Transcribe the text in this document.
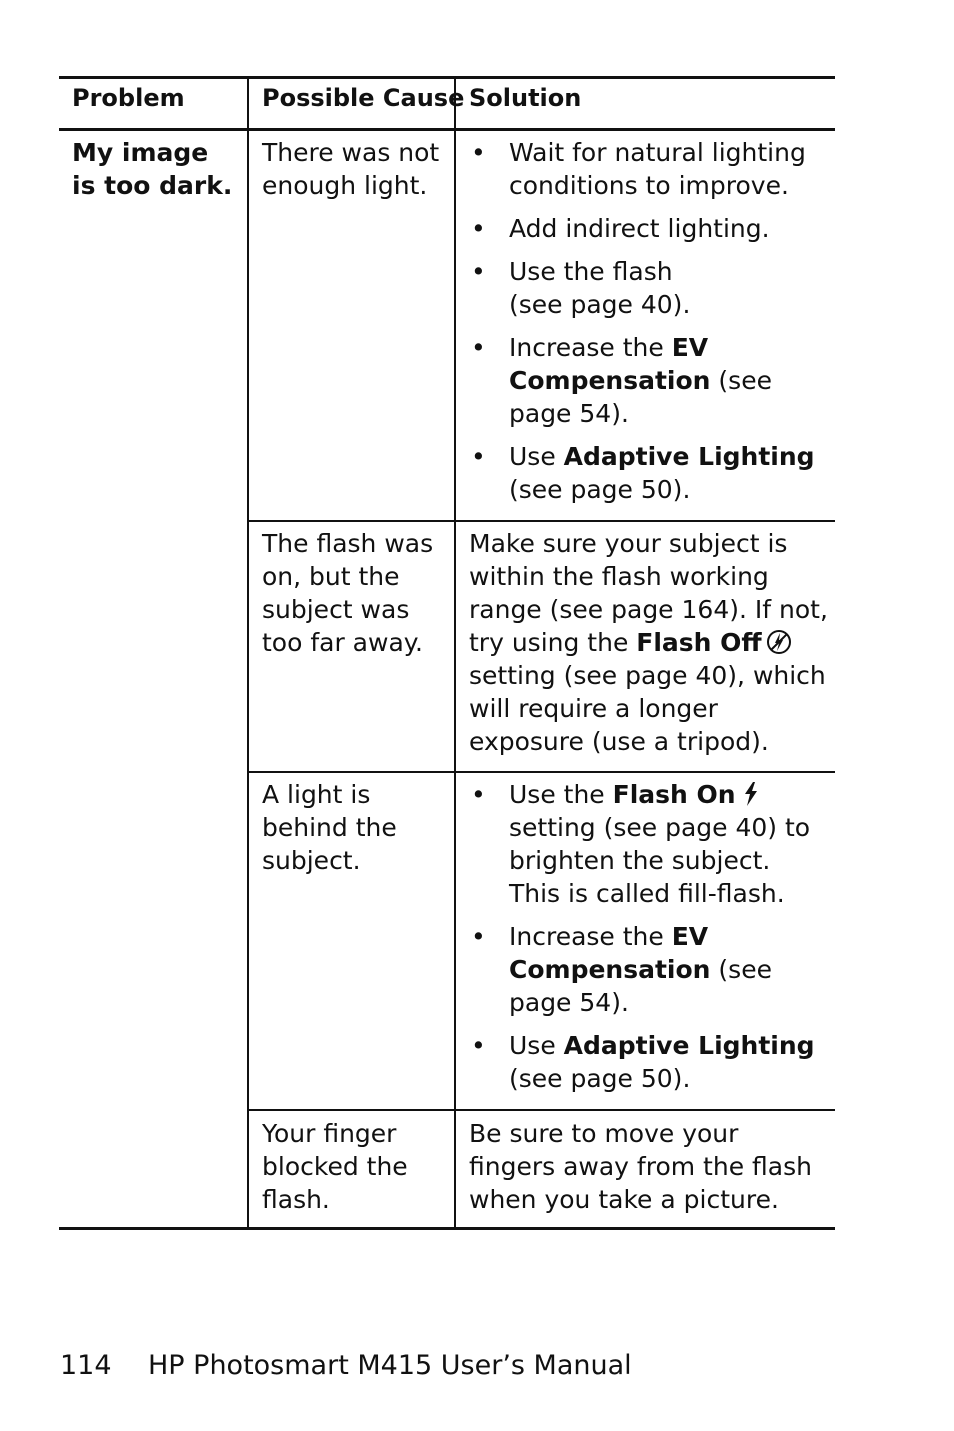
Problem	Possible Cause Solution
My image is too dark.
There was not enough light.
• Wait for natural lighting conditions to improve.
• Add indirect lighting.
• Use the flash (see page 40).
• Increase the EV Compensation (see page 54).
• Use Adaptive Lighting (see page 50).
The flash was on, but the subject was too far away.
Make sure your subject is within the flash working range (see page 164). If not, try using the Flash Off setting (see page 40), which will require a longer exposure (use a tripod).
A light is behind the subject.
• Use the Flash On setting (see page 40) to brighten the subject. This is called fill-flash.
• Increase the EV Compensation (see page 54).
• Use Adaptive Lighting (see page 50).
Your finger blocked the flash.
Be sure to move your fingers away from the flash when you take a picture.
114 HP Photosmart M415 User’s Manual
